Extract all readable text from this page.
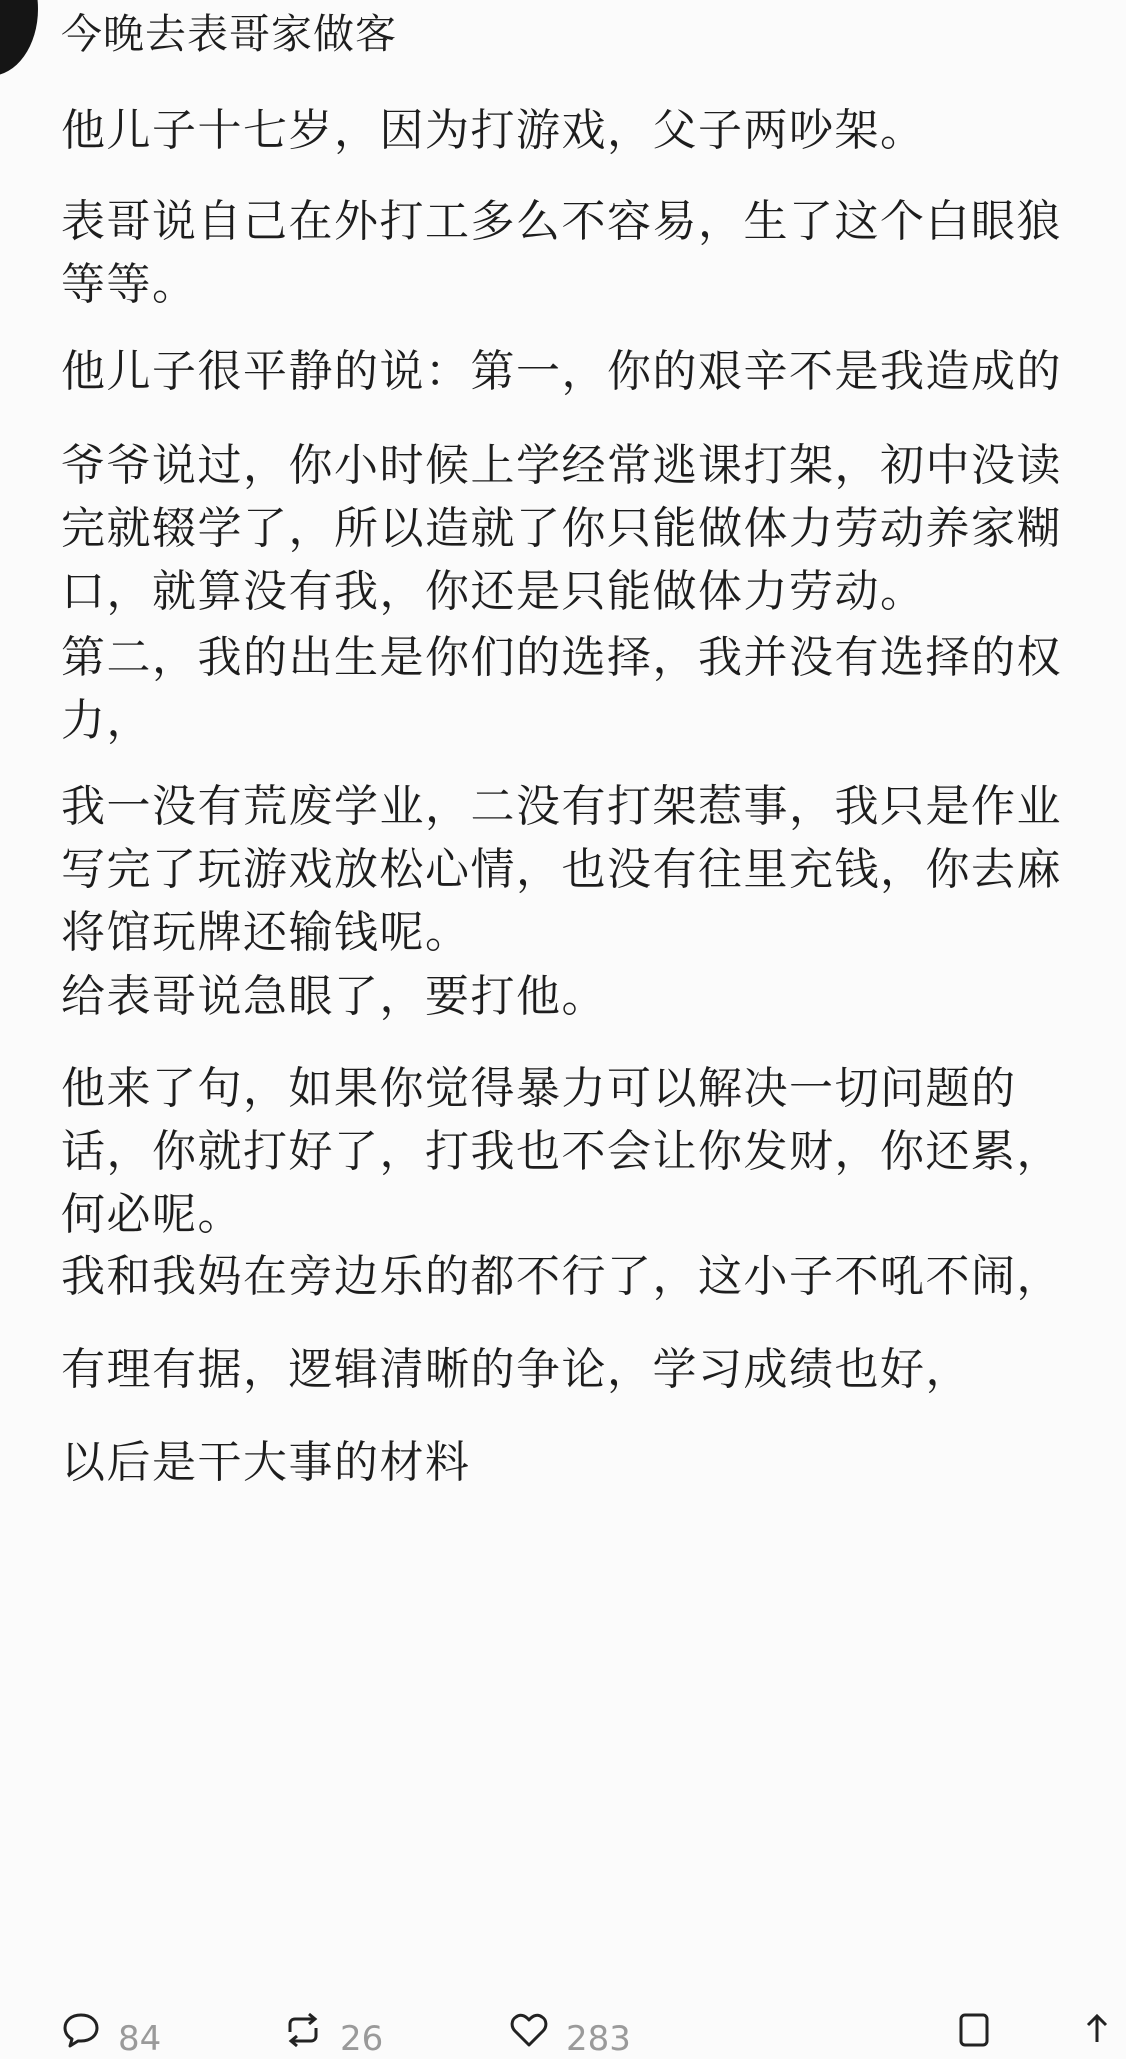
今晚去表哥家做客
他儿子十七岁，因为打游戏，父子两吵架。
表哥说自己在外打工多么不容易，生了这个白眼狼
等等。
他儿子很平静的说：第一，你的艰辛不是我造成的
爷爷说过，你小时候上学经常逃课打架，初中没读
完就辍学了，所以造就了你只能做体力劳动养家糊
口，就算没有我，你还是只能做体力劳动。
第二，我的出生是你们的选择，我并没有选择的权
力，
我一没有荒废学业，二没有打架惹事，我只是作业
写完了玩游戏放松心情，也没有往里充钱，你去麻
将馆玩牌还输钱呢。
给表哥说急眼了，要打他。
他来了句，如果你觉得暴力可以解决一切问题的
话，你就打好了，打我也不会让你发财，你还累，
何必呢。
我和我妈在旁边乐的都不行了，这小子不吼不闹，
有理有据，逻辑清晰的争论，学习成绩也好，
以后是干大事的材料
84	26	283
